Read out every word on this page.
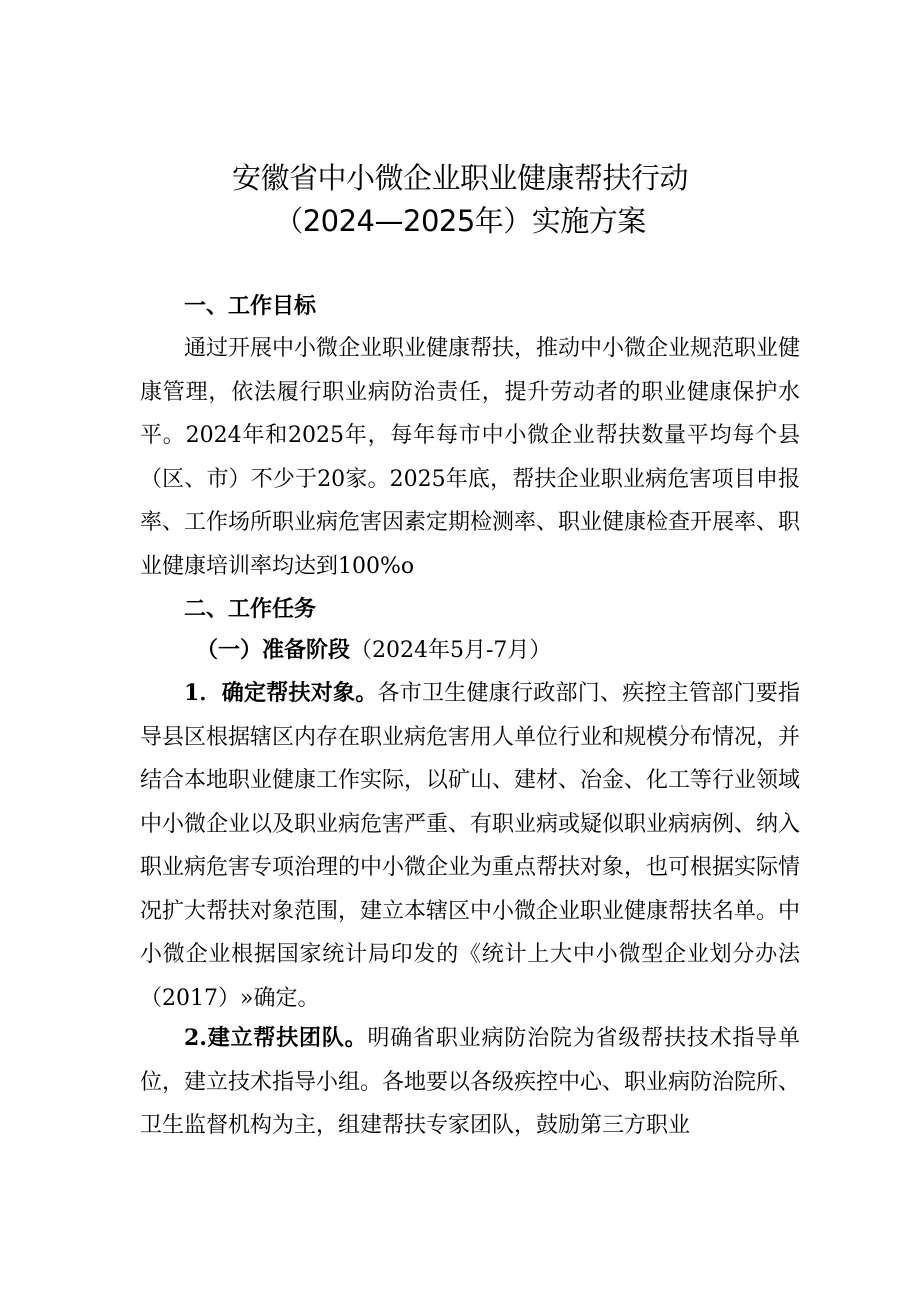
安徽省中小微企业职业健康帮扶行动
（2024—2025年）实施方案
一、工作目标

通过开展中小微企业职业健康帮扶，推动中小微企业规范职业健康管理，依法履行职业病防治责任，提升劳动者的职业健康保护水平。2024年和2025年，每年每市中小微企业帮扶数量平均每个县（区、市）不少于20家。2025年底，帮扶企业职业病危害项目申报率、工作场所职业病危害因素定期检测率、职业健康检查开展率、职业健康培训率均达到100%o

二、工作任务
（一）准备阶段（2024年5月-7月）

1．确定帮扶对象。各市卫生健康行政部门、疾控主管部门要指导县区根据辖区内存在职业病危害用人单位行业和规模分布情况，并结合本地职业健康工作实际，以矿山、建材、冶金、化工等行业领域中小微企业以及职业病危害严重、有职业病或疑似职业病病例、纳入职业病危害专项治理的中小微企业为重点帮扶对象，也可根据实际情况扩大帮扶对象范围，建立本辖区中小微企业职业健康帮扶名单。中小微企业根据国家统计局印发的《统计上大中小微型企业划分办法（2017）»确定。

2.建立帮扶团队。明确省职业病防治院为省级帮扶技术指导单位，建立技术指导小组。各地要以各级疾控中心、职业病防治院所、卫生监督机构为主，组建帮扶专家团队，鼓励第三方职业
